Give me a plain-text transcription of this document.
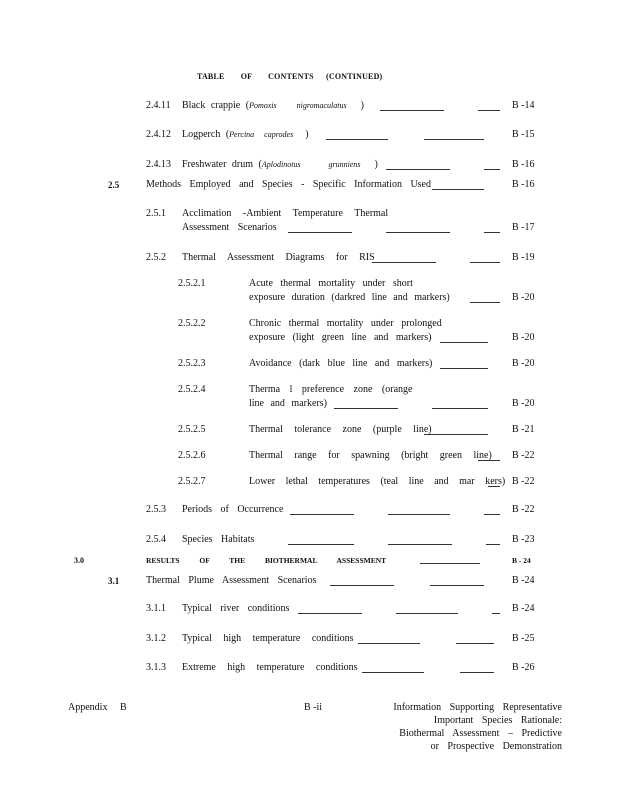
TABLE OF CONTENTS (CONTINUED)
2.4.11 Black crappie (Pomoxis nigromaculatus )	B -14
2.4.12 Logperch (Percina caprodes )	B -15
2.4.13 Freshwater drum (Aplodinotus grunniens )	B -16
2.5	Methods Employed and Species - Specific Information Used	B -16
2.5.1 Acclimation -Ambient Temperature Thermal
Assessment Scenarios	B -17
2.5.2 Thermal Assessment Diagrams for RIS	B -19
2.5.2.1	Acute thermal mortality under short
exposure duration (darkred line and markers)	B -20
2.5.2.2	Chronic thermal mortality under prolonged
exposure (light green line and markers)	B -20
2.5.2.3	Avoidance (dark blue line and markers)	B -20
2.5.2.4	Therma l preference zone (orange
line and markers)	B -20
2.5.2.5	Thermal tolerance zone (purple line)	B -21
2.5.2.6	Thermal range for spawning (bright green line) B -22
2.5.2.7	Lower lethal temperatures (teal line and mar kers) B -22
2.5.3 Periods of Occurrence	B -22
2.5.4 Species Habitats	B -23
3.0	RESULTS OF THE BIOTHERMAL ASSESSMENT	B - 24
3.1	Thermal Plume Assessment Scenarios	B -24
3.1.1 Typical river conditions	B -24
3.1.2 Typical high temperature conditions	B -25
3.1.3 Extreme high temperature conditions	B -26
Appendix B	B -ii	Information Supporting Representative
Important Species Rationale:
Biothermal Assessment – Predictive
or Prospective Demonstration
